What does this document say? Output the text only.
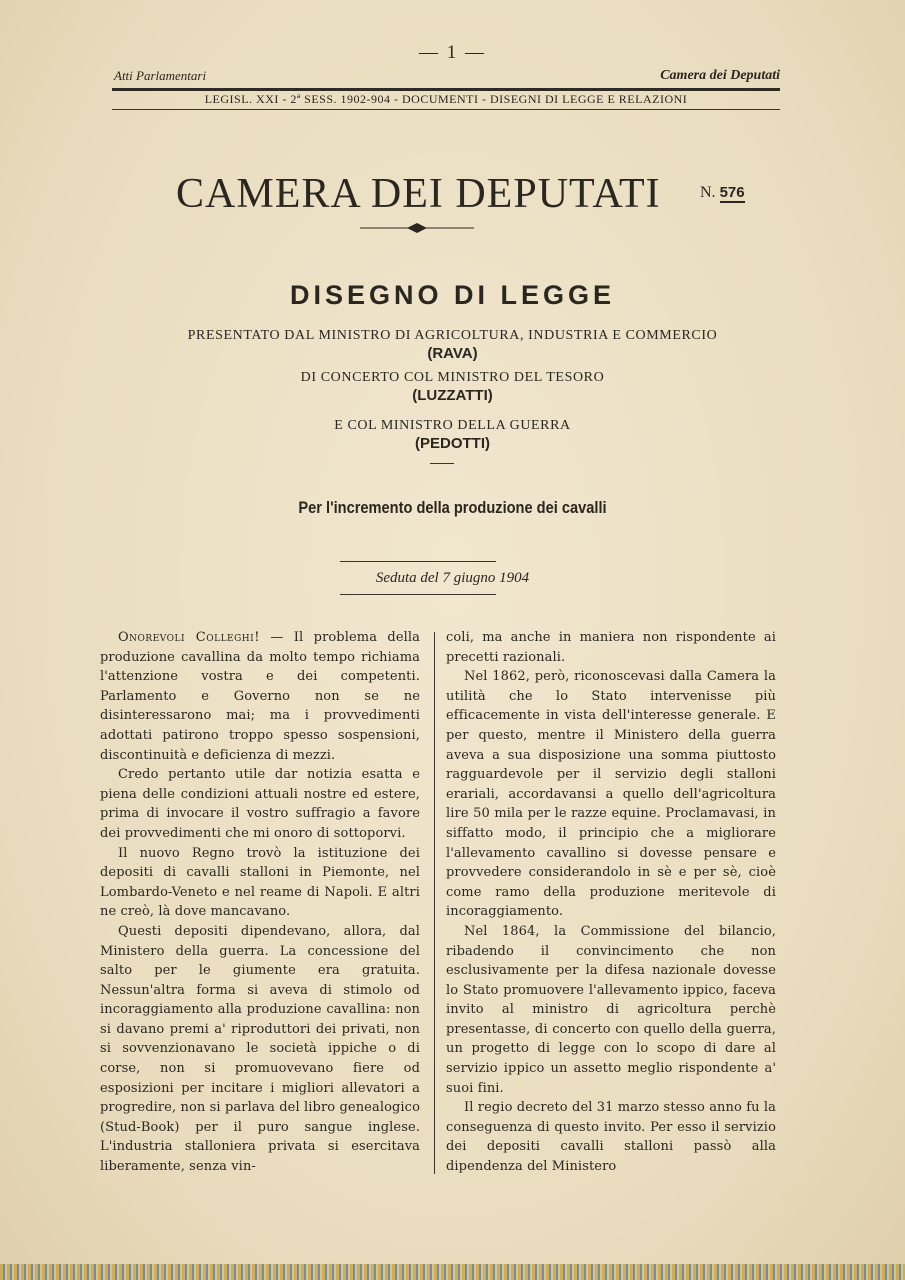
— 1 —
Atti Parlamentari	Camera dei Deputati
LEGISL. XXI - 2ª SESS. 1902-904 - DOCUMENTI - DISEGNI DI LEGGE E RELAZIONI
CAMERA DEI DEPUTATI	N. 576
DISEGNO DI LEGGE
PRESENTATO DAL MINISTRO DI AGRICOLTURA, INDUSTRIA E COMMERCIO
(RAVA)
DI CONCERTO COL MINISTRO DEL TESORO
(LUZZATTI)
E COL MINISTRO DELLA GUERRA
(PEDOTTI)
Per l'incremento della produzione dei cavalli
Seduta del 7 giugno 1904

Onorevoli Colleghi! — Il problema della produzione cavallina da molto tempo richiama l'attenzione vostra e dei competenti. Parlamento e Governo non se ne disinteressarono mai; ma i provvedimenti adottati patirono troppo spesso sospensioni, discontinuità e deficienza di mezzi.

Credo pertanto utile dar notizia esatta e piena delle condizioni attuali nostre ed estere, prima di invocare il vostro suffragio a favore dei provvedimenti che mi onoro di sottoporvi.

Il nuovo Regno trovò la istituzione dei depositi di cavalli stalloni in Piemonte, nel Lombardo-Veneto e nel reame di Napoli. E altri ne creò, là dove mancavano.

Questi depositi dipendevano, allora, dal Ministero della guerra. La concessione del salto per le giumente era gratuita. Nessun'altra forma si aveva di stimolo od incoraggiamento alla produzione cavallina: non si davano premi a' riproduttori dei privati, non si sovvenzionavano le società ippiche o di corse, non si promuovevano fiere od esposizioni per incitare i migliori allevatori a progredire, non si parlava del libro genealogico (Stud-Book) per il puro sangue inglese. L'industria stalloniera privata si esercitava liberamente, senza vin-

coli, ma anche in maniera non rispondente ai precetti razionali.

Nel 1862, però, riconoscevasi dalla Camera la utilità che lo Stato intervenisse più efficacemente in vista dell'interesse generale. E per questo, mentre il Ministero della guerra aveva a sua disposizione una somma piuttosto ragguardevole per il servizio degli stalloni erariali, accordavansi a quello dell'agricoltura lire 50 mila per le razze equine. Proclamavasi, in siffatto modo, il principio che a migliorare l'allevamento cavallino si dovesse pensare e provvedere considerandolo in sè e per sè, cioè come ramo della produzione meritevole di incoraggiamento.

Nel 1864, la Commissione del bilancio, ribadendo il convincimento che non esclusivamente per la difesa nazionale dovesse lo Stato promuovere l'allevamento ippico, faceva invito al ministro di agricoltura perchè presentasse, di concerto con quello della guerra, un progetto di legge con lo scopo di dare al servizio ippico un assetto meglio rispondente a' suoi fini.

Il regio decreto del 31 marzo stesso anno fu la conseguenza di questo invito. Per esso il servizio dei depositi cavalli stalloni passò alla dipendenza del Ministero
